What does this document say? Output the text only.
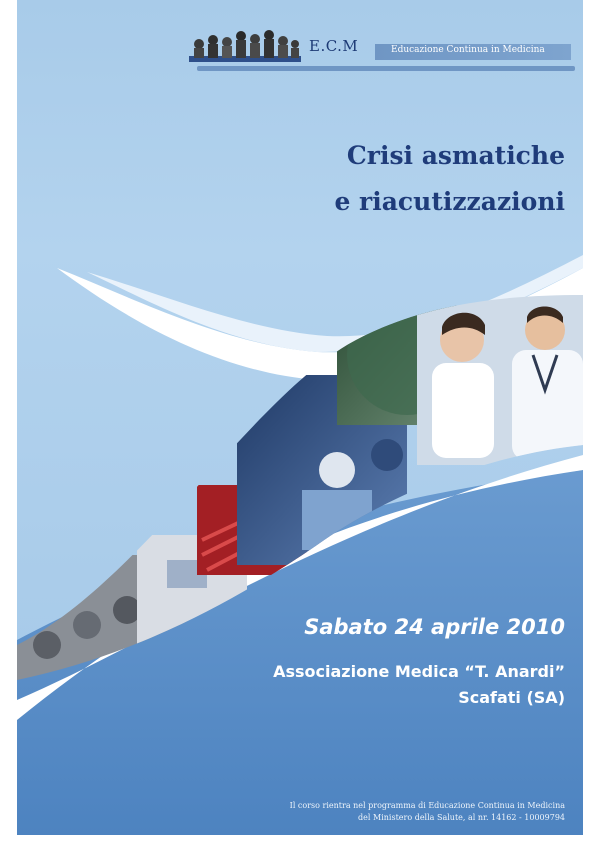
E.C.M	Educazione Continua in Medicina
Crisi asmatiche
e riacutizzazioni
Sabato 24 aprile 2010
Associazione Medica “T. Anardi”
Scafati (SA)
Il corso rientra nel programma di Educazione Continua in Medicina
del Ministero della Salute, al nr. 14162 - 10009794
